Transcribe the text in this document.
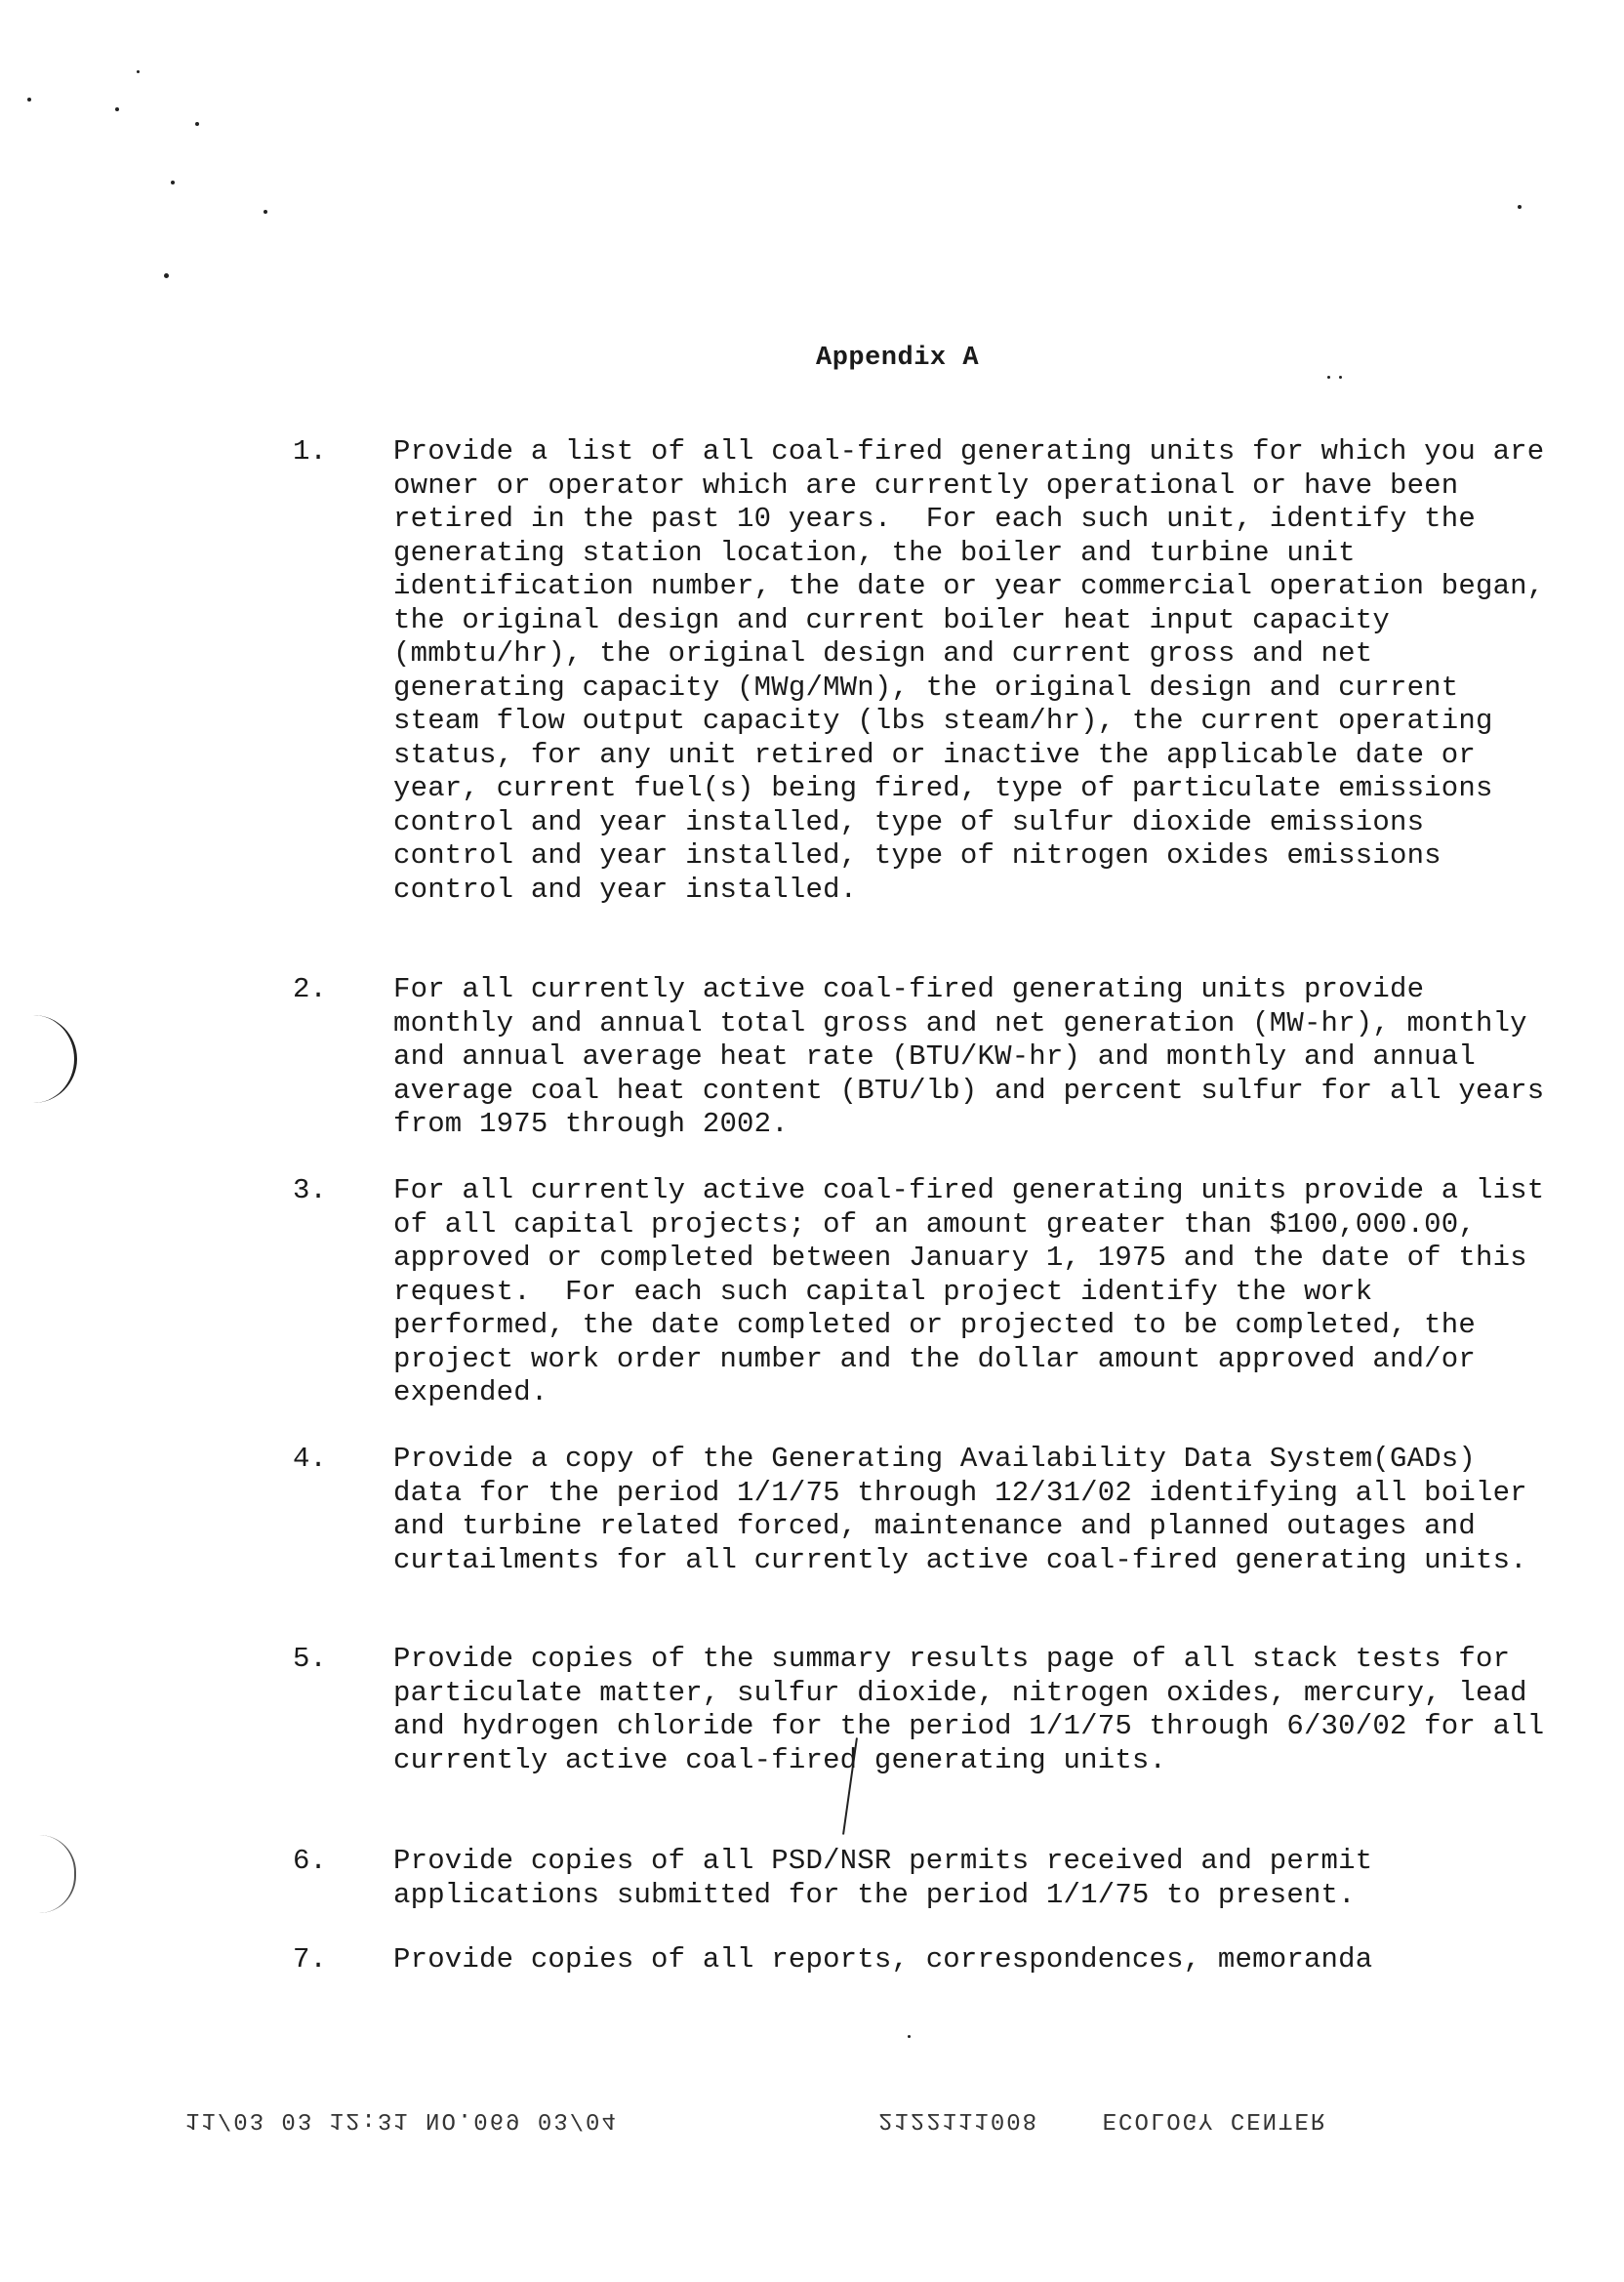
Appendix A
1. Provide a list of all coal-fired generating units for which you are owner or operator which are currently operational or have been retired in the past 10 years.  For each such unit, identify the generating station location, the boiler and turbine unit identification number, the date or year commercial operation began, the original design and current boiler heat input capacity (mmbtu/hr), the original design and current gross and net generating capacity (MWg/MWn), the original design and current steam flow output capacity (lbs steam/hr), the current operating status, for any unit retired or inactive the applicable date or year, current fuel(s) being fired, type of particulate emissions control and year installed, type of sulfur dioxide emissions control and year installed, type of nitrogen oxides emissions control and year installed.
2. For all currently active coal-fired generating units provide monthly and annual total gross and net generation (MW-hr), monthly and annual average heat rate (BTU/KW-hr) and monthly and annual average coal heat content (BTU/lb) and percent sulfur for all years from 1975 through 2002.
3. For all currently active coal-fired generating units provide a list of all capital projects; of an amount greater than $100,000.00, approved or completed between January 1, 1975 and the date of this request.  For each such capital project identify the work performed, the date completed or projected to be completed, the project work order number and the dollar amount approved and/or expended.
4. Provide a copy of the Generating Availability Data System(GADs) data for the period 1/1/75 through 12/31/02 identifying all boiler and turbine related forced, maintenance and planned outages and curtailments for all currently active coal-fired generating units.
5. Provide copies of the summary results page of all stack tests for particulate matter, sulfur dioxide, nitrogen oxides, mercury, lead and hydrogen chloride for the period 1/1/75 through 6/30/02 for all currently active coal-fired generating units.
6. Provide copies of all PSD/NSR permits received and permit applications submitted for the period 1/1/75 to present.
7. Provide copies of all reports, correspondences, memoranda
11/03 03 12:31 NO.069 03/04	2122111008    ECOLOGY CENTER
